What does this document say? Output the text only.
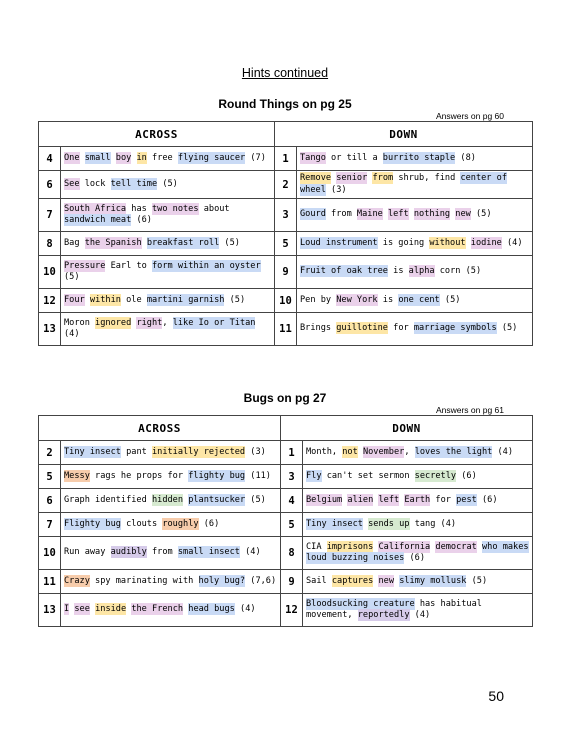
Hints continued
Round Things on pg 25
Answers on pg 60
ACROSS		DOWN	
4	One small boy in free flying saucer (7)	1	Tango or till a burrito staple (8)
6	See lock tell time (5)	2	Remove senior from shrub, find center of wheel (3)
7	South Africa has two notes about sandwich meat (6)	3	Gourd from Maine left nothing new (5)
8	Bag the Spanish breakfast roll (5)	5	Loud instrument is going without iodine (4)
10	Pressure Earl to form within an oyster (5)	9	Fruit of oak tree is alpha corn (5)
12	Four within ole martini garnish (5)	10	Pen by New York is one cent (5)
13	Moron ignored right, like Io or Titan (4)	11	Brings guillotine for marriage symbols (5)
Bugs on pg 27
Answers on pg 61
ACROSS		DOWN	
2	Tiny insect pant initially rejected (3)	1	Month, not November, loves the light (4)
5	Messy rags he props for flighty bug (11)	3	Fly can't set sermon secretly (6)
6	Graph identified hidden plantsucker (5)	4	Belgium alien left Earth for pest (6)
7	Flighty bug clouts roughly (6)	5	Tiny insect sends up tang (4)
10	Run away audibly from small insect (4)	8	CIA imprisons California democrat who makes loud buzzing noises (6)
11	Crazy spy marinating with holy bug? (7,6)	9	Sail captures new slimy mollusk (5)
13	I see inside the French head bugs (4)	12	Bloodsucking creature has habitual movement, reportedly (4)
50
